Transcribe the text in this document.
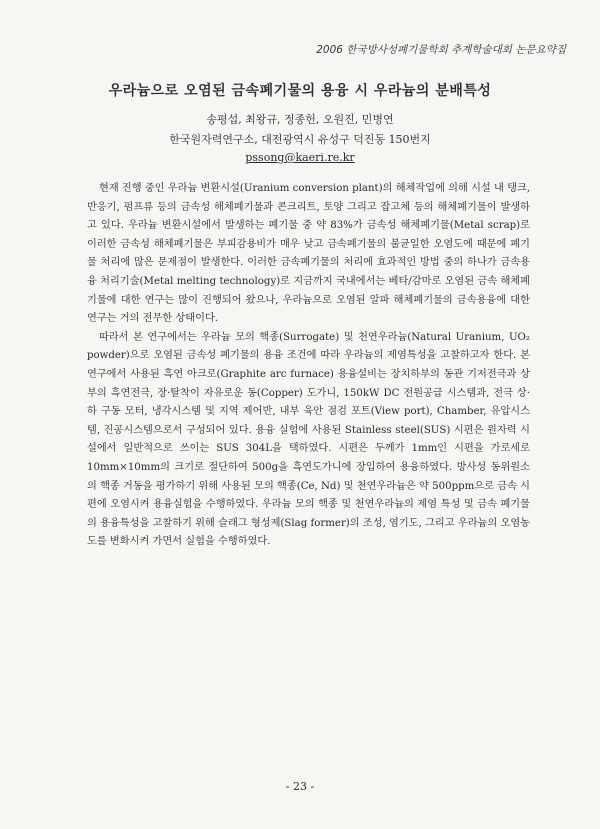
2006 한국방사성폐기물학회 추계학술대회 논문요약집
우라늄으로 오염된 금속폐기물의 용융 시 우라늄의 분배특성
송평섭, 최왕규, 정종헌, 오원진, 민병연
한국원자력연구소, 대전광역시 유성구 덕진동 150번지
pssong@kaeri.re.kr

현재 진행 중인 우라늄 변환시설(Uranium conversion plant)의 해체작업에 의해 시설 내 탱크, 반응기, 펌프류 등의 금속성 해체폐기물과 콘크리트, 토양 그리고 잡고체 등의 해체폐기물이 발생하고 있다. 우라늄 변환시설에서 발생하는 폐기물 중 약 83%가 금속성 해체폐기물(Metal scrap)로 이러한 금속성 해체폐기물은 부피감용비가 매우 낮고 금속폐기물의 불균일한 오염도에 때문에 폐기물 처리에 많은 문제점이 발생한다. 이러한 금속폐기물의 처리에 효과적인 방법 중의 하나가 금속용융 처리기술(Metal melting technology)로 지금까지 국내에서는 베타/감마로 오염된 금속 해체폐기물에 대한 연구는 많이 진행되어 왔으나, 우라늄으로 오염된 알파 해체폐기물의 금속용융에 대한 연구는 거의 전무한 상태이다.

따라서 본 연구에서는 우라늄 모의 핵종(Surrogate) 및 천연우라늄(Natural Uranium, UO₂ powder)으로 오염된 금속성 폐기물의 용융 조건에 따라 우라늄의 제염특성을 고찰하고자 한다. 본 연구에서 사용된 흑연 아크로(Graphite arc furnace) 용융설비는 장치하부의 동관 기저전극과 상부의 흑연전극, 장·탈착이 자유로운 동(Copper) 도가니, 150kW DC 전원공급 시스템과, 전극 상·하 구동 모터, 냉각시스템 및 지역 제어반, 내부 육안 점검 포트(View port), Chamber, 유압시스템, 진공시스템으로서 구성되어 있다. 용융 실험에 사용된 Stainless steel(SUS) 시편은 원자력 시설에서 일반적으로 쓰이는 SUS 304L을 택하였다. 시편은 두께가 1mm인 시편을 가로세로 10mm×10mm의 크기로 절단하여 500g을 흑연도가니에 장입하여 용융하였다. 방사성 동위원소의 핵종 거동을 평가하기 위해 사용된 모의 핵종(Ce, Nd) 및 천연우라늄은 약 500ppm으로 금속 시편에 오염시켜 용융실험을 수행하였다. 우라늄 모의 핵종 및 천연우라늄의 제염 특성 및 금속 폐기물의 용융특성을 고찰하기 위해 슬래그 형성제(Slag former)의 조성, 염기도, 그리고 우라늄의 오염농도를 변화시켜 가면서 실험을 수행하였다.

- 23 -
